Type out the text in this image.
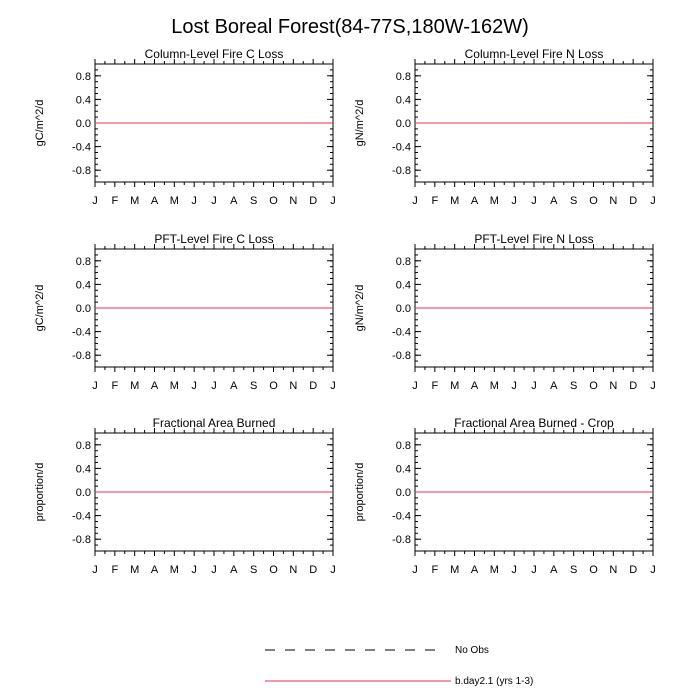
Lost Boreal Forest(84-77S,180W-162W)
Column-Level Fire C Loss
gC/m^2/d
0.8
0.4
0.0
-0.4
-0.8
J F M A M J J A S O N D J
Column-Level Fire N Loss
gN/m^2/d
0.8
0.4
0.0
-0.4
-0.8
J F M A M J J A S O N D J
PFT-Level Fire C Loss
gC/m^2/d
0.8
0.4
0.0
-0.4
-0.8
J F M A M J J A S O N D J
PFT-Level Fire N Loss
gN/m^2/d
0.8
0.4
0.0
-0.4
-0.8
J F M A M J J A S O N D J
Fractional Area Burned
proportion/d
0.8
0.4
0.0
-0.4
-0.8
J F M A M J J A S O N D J
Fractional Area Burned - Crop
proportion/d
0.8
0.4
0.0
-0.4
-0.8
J F M A M J J A S O N D J
No Obs
b.day2.1 (yrs 1-3)
